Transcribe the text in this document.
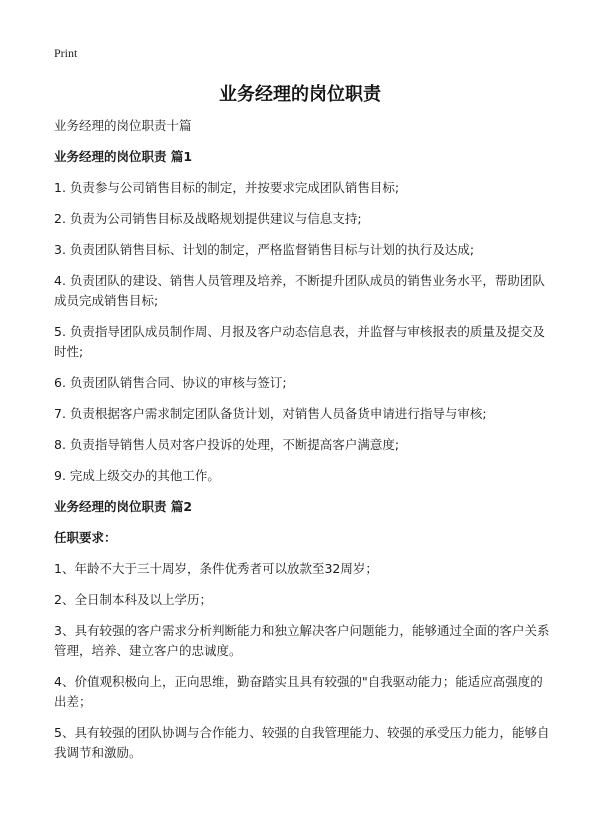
Print
业务经理的岗位职责
业务经理的岗位职责十篇
业务经理的岗位职责 篇1
1. 负责参与公司销售目标的制定，并按要求完成团队销售目标;
2. 负责为公司销售目标及战略规划提供建议与信息支持;
3. 负责团队销售目标、计划的制定，严格监督销售目标与计划的执行及达成;
4. 负责团队的建设、销售人员管理及培养，不断提升团队成员的销售业务水平，帮助团队成员完成销售目标;
5. 负责指导团队成员制作周、月报及客户动态信息表，并监督与审核报表的质量及提交及时性;
6. 负责团队销售合同、协议的审核与签订;
7. 负责根据客户需求制定团队备货计划，对销售人员备货申请进行指导与审核;
8. 负责指导销售人员对客户投诉的处理，不断提高客户满意度;
9. 完成上级交办的其他工作。
业务经理的岗位职责 篇2
任职要求：
1、年龄不大于三十周岁，条件优秀者可以放款至32周岁；
2、全日制本科及以上学历；
3、具有较强的客户需求分析判断能力和独立解决客户问题能力，能够通过全面的客户关系管理，培养、建立客户的忠诚度。
4、价值观积极向上，正向思维，勤奋踏实且具有较强的"自我驱动能力；能适应高强度的出差；
5、具有较强的团队协调与合作能力、较强的自我管理能力、较强的承受压力能力，能够自我调节和激励。
